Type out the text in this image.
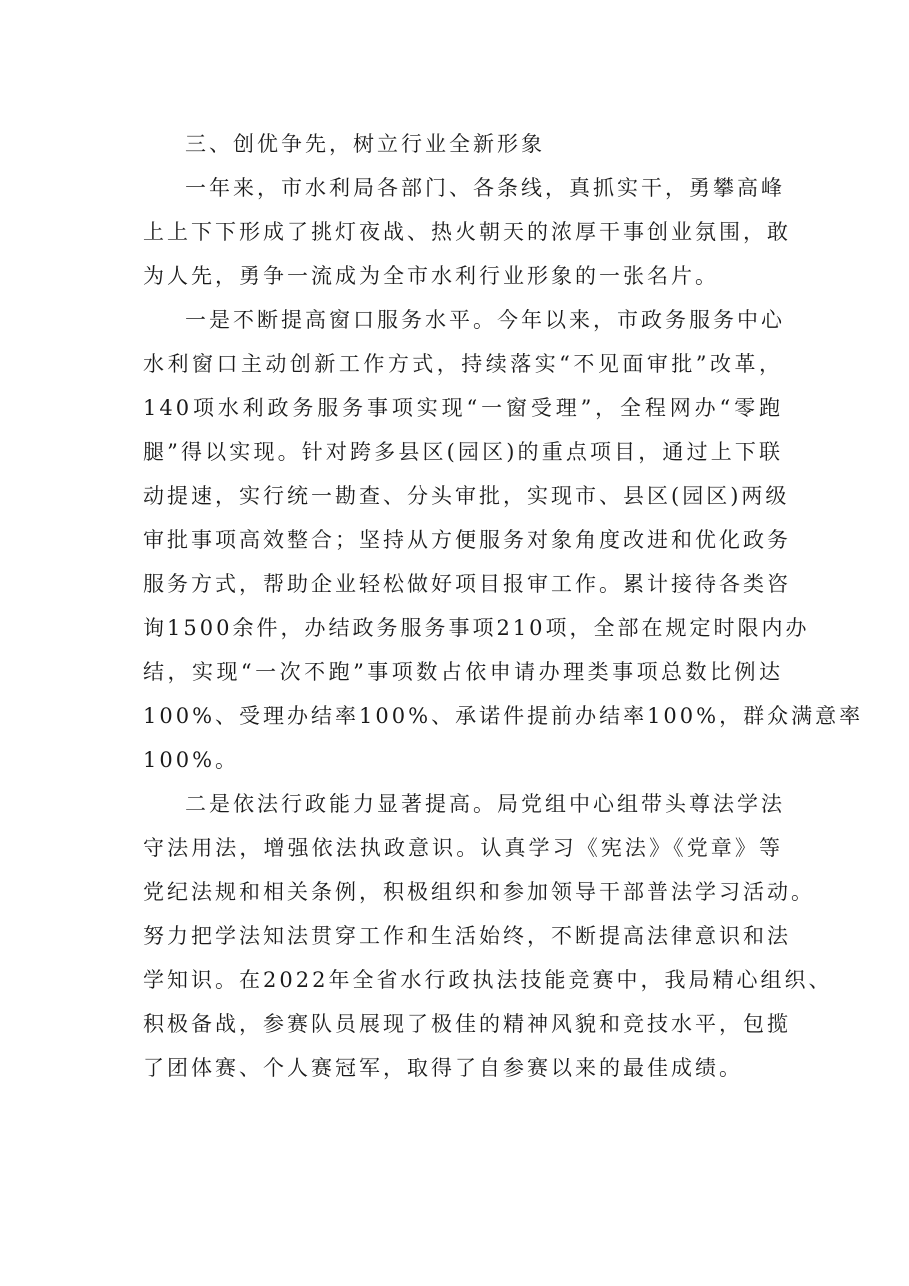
三、创优争先，树立行业全新形象
一年来，市水利局各部门、各条线，真抓实干，勇攀高峰
上上下下形成了挑灯夜战、热火朝天的浓厚干事创业氛围，敢
为人先，勇争一流成为全市水利行业形象的一张名片。
一是不断提高窗口服务水平。今年以来，市政务服务中心
水利窗口主动创新工作方式，持续落实“不见面审批”改革，
140项水利政务服务事项实现“一窗受理”，全程网办“零跑
腿”得以实现。针对跨多县区(园区)的重点项目，通过上下联
动提速，实行统一勘查、分头审批，实现市、县区(园区)两级
审批事项高效整合；坚持从方便服务对象角度改进和优化政务
服务方式，帮助企业轻松做好项目报审工作。累计接待各类咨
询1500余件，办结政务服务事项210项，全部在规定时限内办
结，实现“一次不跑”事项数占依申请办理类事项总数比例达
100%、受理办结率100%、承诺件提前办结率100%，群众满意率
100%。
二是依法行政能力显著提高。局党组中心组带头尊法学法
守法用法，增强依法执政意识。认真学习《宪法》《党章》等
党纪法规和相关条例，积极组织和参加领导干部普法学习活动。
努力把学法知法贯穿工作和生活始终，不断提高法律意识和法
学知识。在2022年全省水行政执法技能竞赛中，我局精心组织、
积极备战，参赛队员展现了极佳的精神风貌和竞技水平，包揽
了团体赛、个人赛冠军，取得了自参赛以来的最佳成绩。
